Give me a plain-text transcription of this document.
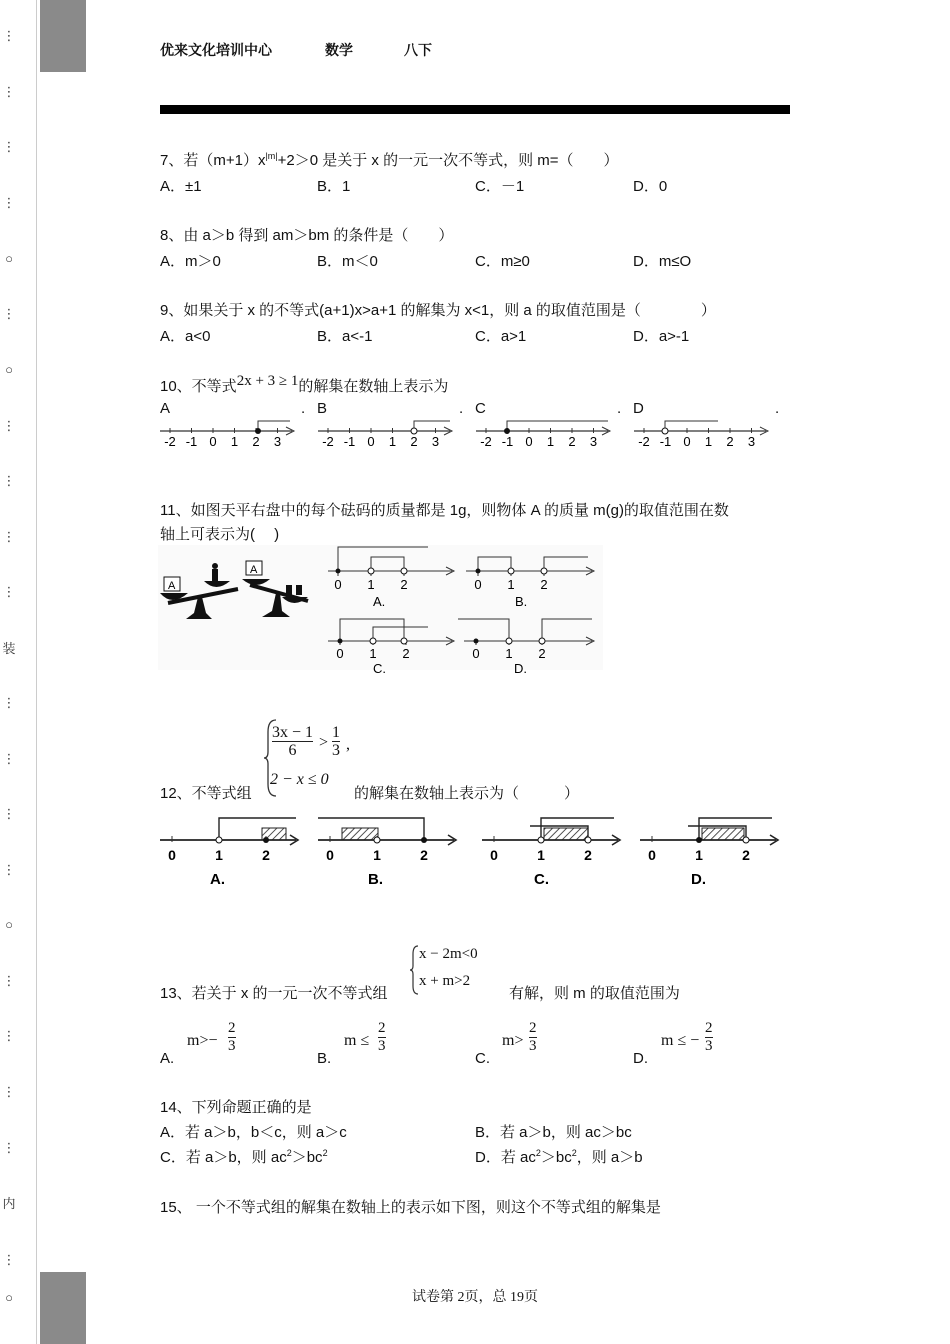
⋮
⋮
⋮
⋮
○
⋮
○
⋮
⋮
⋮
⋮
装
⋮
⋮
⋮
⋮
○
⋮
⋮
⋮
⋮
内
⋮
○
优来文化培训中心	数学	八下
7、若$(m+1)x^{|m|}+2>0$ 是关于 x 的一元一次不等式，则 m=（　　）
A．±1	B．1	C．－1	D．0
8、由 a＞b 得到 am＞bm 的条件是（　　）
A．m＞0	B．m＜0	C．m≥0	D．m≤O
9、如果关于 x 的不等式(a+1)x>a+1 的解集为 x<1，则 a 的取值范围是（　　　　）
A．a<0	B．a<-1	C．a>1	D．a>-1
10、不等式2x + 3 ≥ 1的解集在数轴上表示为
A	. B	. C	. D	.
-2 -1 0 1 2 3	-2 -1 0 1 2 3	-2 -1 0 1 2 3	-2 -1 0 1 2 3
11、如图天平右盘中的每个砝码的质量都是 1g，则物体 A 的质量 m(g)的取值范围在数
轴上可表示为(　 )
A
A
0 1 2
A.
0 1 2
B.
0 1 2
C.
0 1 2
D.
$\frac{3x - 1}{6} > \frac{1}{3}$ ,
2 − x ≤ 0
12、不等式组	的解集在数轴上表示为（　　　）
0	1	2
A.
0	1	2
B.
0	1	2
C.
0	1	2
D.
x − 2m<0
x + m>2
13、若关于 x 的一元一次不等式组	有解，则 m 的取值范围为
A.
$m>- \frac{2}{3}$
B.
$m \le \frac{2}{3}$
C.
$m> \frac{2}{3}$
D.
m ≤ − $\frac{2}{3}$
14、下列命题正确的是
A．若 a＞b，b＜c，则 a＞c	B．若 a＞b，则 ac＞bc
C．若 a＞b，则 $ac^2>bc^2$	D．若 $ac^2>bc^2$，则 a＞b
15、 一个不等式组的解集在数轴上的表示如下图，则这个不等式组的解集是
试卷第 2页，总 19页
